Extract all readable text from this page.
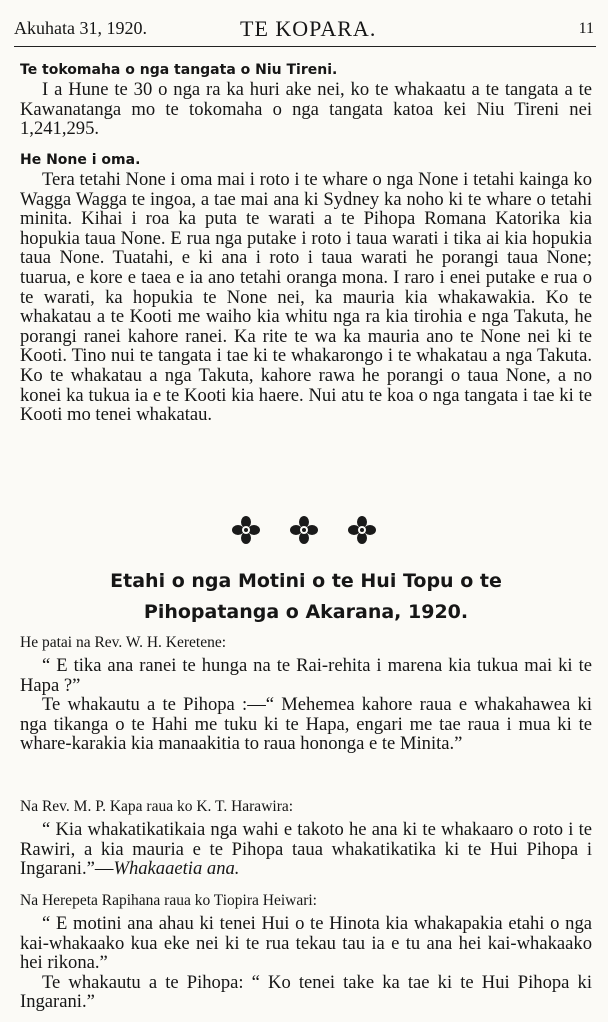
Akuhata 31, 1920.	TE KOPARA.	11

Te tokomaha o nga tangata o Niu Tireni.

I a Hune te 30 o nga ra ka huri ake nei, ko te whakaatu a te tangata a te Kawanatanga mo te tokomaha o nga tangata katoa kei Niu Tireni nei 1,241,295.

He None i oma.

Tera tetahi None i oma mai i roto i te whare o nga None i tetahi kainga ko Wagga Wagga te ingoa, a tae mai ana ki Sydney ka noho ki te whare o tetahi minita. Kihai i roa ka puta te warati a te Pihopa Romana Katorika kia hopukia taua None. E rua nga putake i roto i taua warati i tika ai kia hopukia taua None. Tuatahi, e ki ana i roto i taua warati he porangi taua None; tuarua, e kore e taea e ia ano tetahi oranga mona. I raro i enei putake e rua o te warati, ka hopukia te None nei, ka mauria kia whakawakia. Ko te whakatau a te Kooti me waiho kia whitu nga ra kia tirohia e nga Takuta, he porangi ranei kahore ranei. Ka rite te wa ka mauria ano te None nei ki te Kooti. Tino nui te tangata i tae ki te whakarongo i te whakatau a nga Takuta. Ko te whakatau a nga Takuta, kahore rawa he porangi o taua None, a no konei ka tukua ia e te Kooti kia haere. Nui atu te koa o nga tangata i tae ki te Kooti mo tenei whakatau.

Etahi o nga Motini o te Hui Topu o te
Pihopatanga o Akarana, 1920.

He patai na Rev. W. H. Keretene:

“ E tika ana ranei te hunga na te Rai-rehita i marena kia tukua mai ki te Hapa ?”

Te whakautu a te Pihopa :—“ Mehemea kahore raua e whakahawea ki nga tikanga o te Hahi me tuku ki te Hapa, engari me tae raua i mua ki te whare-karakia kia manaakitia to raua hononga e te Minita.”

Na Rev. M. P. Kapa raua ko K. T. Harawira:

“ Kia whakatikatikaia nga wahi e takoto he ana ki te whakaaro o roto i te Rawiri, a kia mauria e te Pihopa taua whakatikatika ki te Hui Pihopa i Ingarani.”—Whakaaetia ana.

Na Herepeta Rapihana raua ko Tiopira Heiwari:

“ E motini ana ahau ki tenei Hui o te Hinota kia whakapakia etahi o nga kai-whakaako kua eke nei ki te rua tekau tau ia e tu ana hei kai-whakaako hei rikona.”

Te whakautu a te Pihopa: “ Ko tenei take ka tae ki te Hui Pihopa ki Ingarani.”
